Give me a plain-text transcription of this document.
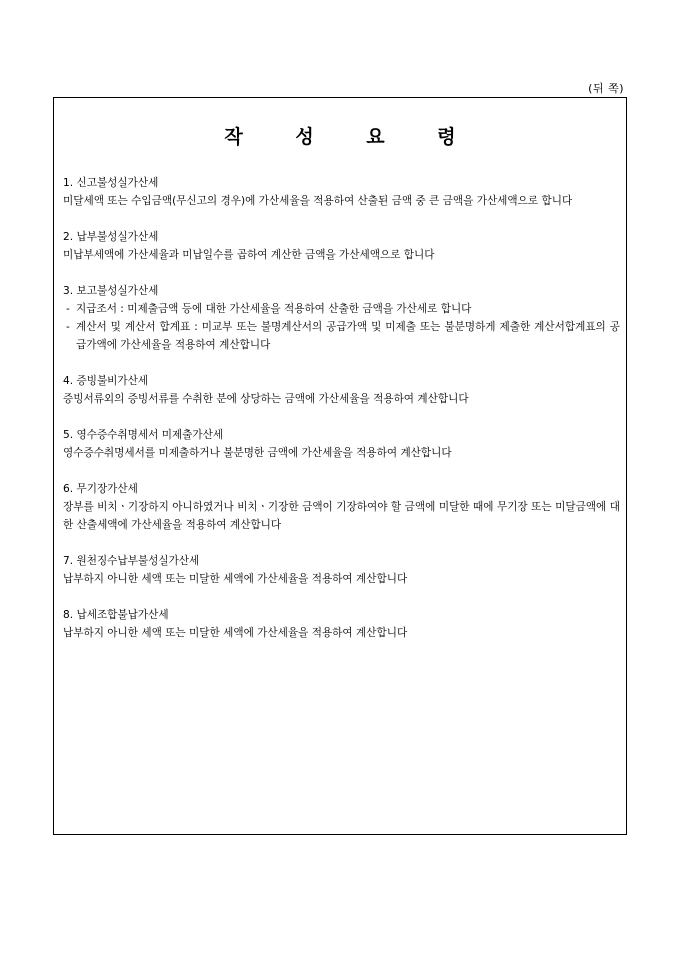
(뒤 쪽)
작 성 요 령
1. 신고불성실가산세
미달세액 또는 수입금액(무신고의 경우)에 가산세율을 적용하여 산출된 금액 중 큰 금액을 가산세액으로 합니다
2. 납부불성실가산세
미납부세액에 가산세율과 미납일수를 곱하여 계산한 금액을 가산세액으로 합니다
3. 보고불성실가산세
- 지급조서 : 미제출금액 등에 대한 가산세율을 적용하여 산출한 금액을 가산세로 합니다
- 계산서 및 계산서 합계표 : 미교부 또는 불명계산서의 공급가액 및 미제출 또는 불분명하게 제출한 계산서합계표의 공급가액에 가산세율을 적용하여 계산합니다
4. 증빙불비가산세
증빙서류외의 증빙서류를 수취한 분에 상당하는 금액에 가산세율을 적용하여 계산합니다
5. 영수증수취명세서 미제출가산세
영수증수취명세서를 미제출하거나 불분명한 금액에 가산세율을 적용하여 계산합니다
6. 무기장가산세
장부를 비치ㆍ기장하지 아니하였거나 비치ㆍ기장한 금액이 기장하여야 할 금액에 미달한 때에 무기장 또는 미달금액에 대한 산출세액에 가산세율을 적용하여 계산합니다
7. 원천징수납부불성실가산세
납부하지 아니한 세액 또는 미달한 세액에 가산세율을 적용하여 계산합니다
8. 납세조합불납가산세
납부하지 아니한 세액 또는 미달한 세액에 가산세율을 적용하여 계산합니다
